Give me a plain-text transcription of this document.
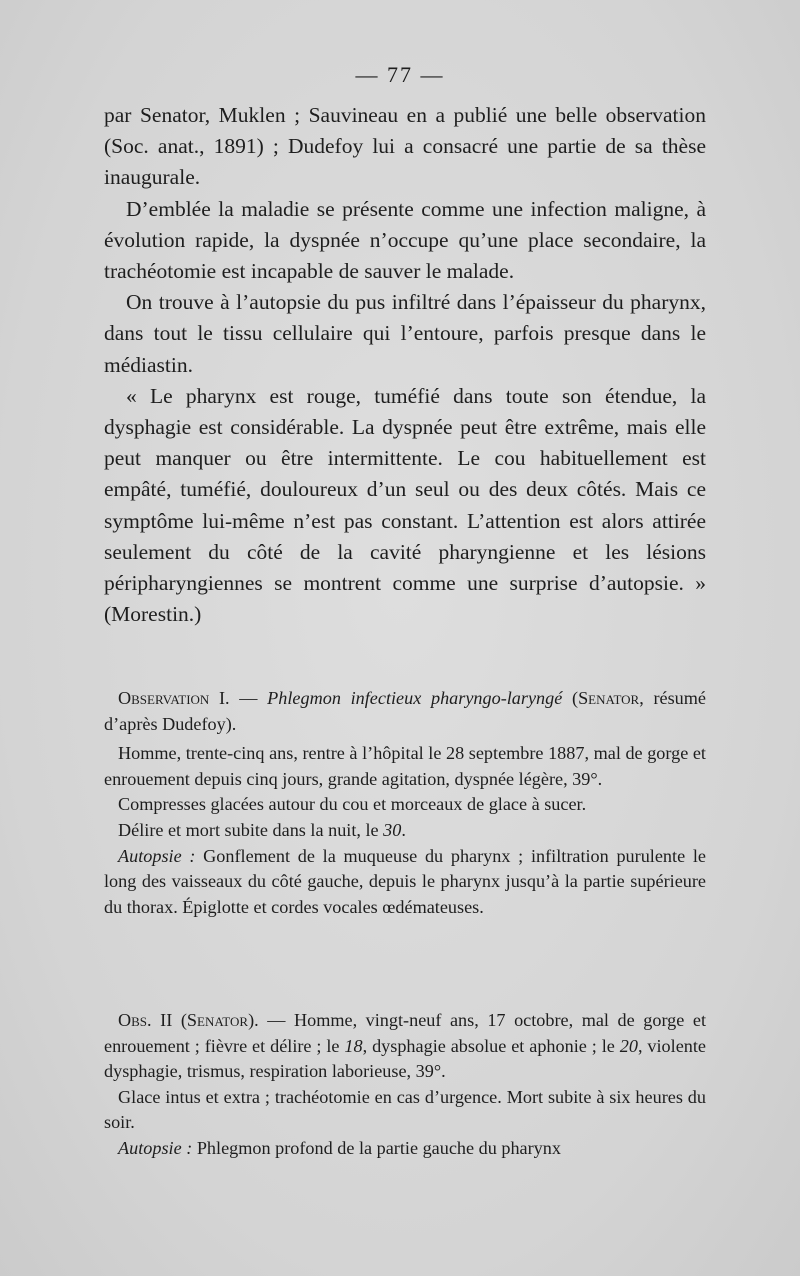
— 77 —

par Senator, Muklen ; Sauvineau en a publié une belle observation (Soc. anat., 1891) ; Dudefoy lui a consacré une partie de sa thèse inaugurale.

D’emblée la maladie se présente comme une infection maligne, à évolution rapide, la dyspnée n’occupe qu’une place secondaire, la trachéotomie est incapable de sauver le malade.

On trouve à l’autopsie du pus infiltré dans l’épaisseur du pharynx, dans tout le tissu cellulaire qui l’entoure, parfois presque dans le médiastin.

« Le pharynx est rouge, tuméfié dans toute son étendue, la dysphagie est considérable. La dyspnée peut être extrême, mais elle peut manquer ou être intermittente. Le cou habituellement est empâté, tuméfié, douloureux d’un seul ou des deux côtés. Mais ce symptôme lui-même n’est pas constant. L’attention est alors attirée seulement du côté de la cavité pharyngienne et les lésions péripharyngiennes se montrent comme une surprise d’autopsie. » (Morestin.)

Observation I. — Phlegmon infectieux pharyngo-laryngé (Senator, résumé d’après Dudefoy).

Homme, trente-cinq ans, rentre à l’hôpital le 28 septembre 1887, mal de gorge et enrouement depuis cinq jours, grande agitation, dyspnée légère, 39°.

Compresses glacées autour du cou et morceaux de glace à sucer.

Délire et mort subite dans la nuit, le 30.

Autopsie : Gonflement de la muqueuse du pharynx ; infiltration purulente le long des vaisseaux du côté gauche, depuis le pharynx jusqu’à la partie supérieure du thorax. Épiglotte et cordes vocales œdémateuses.

Obs. II (Senator). — Homme, vingt-neuf ans, 17 octobre, mal de gorge et enrouement ; fièvre et délire ; le 18, dysphagie absolue et aphonie ; le 20, violente dysphagie, trismus, respiration laborieuse, 39°.

Glace intus et extra ; trachéotomie en cas d’urgence. Mort subite à six heures du soir.

Autopsie : Phlegmon profond de la partie gauche du pharynx
